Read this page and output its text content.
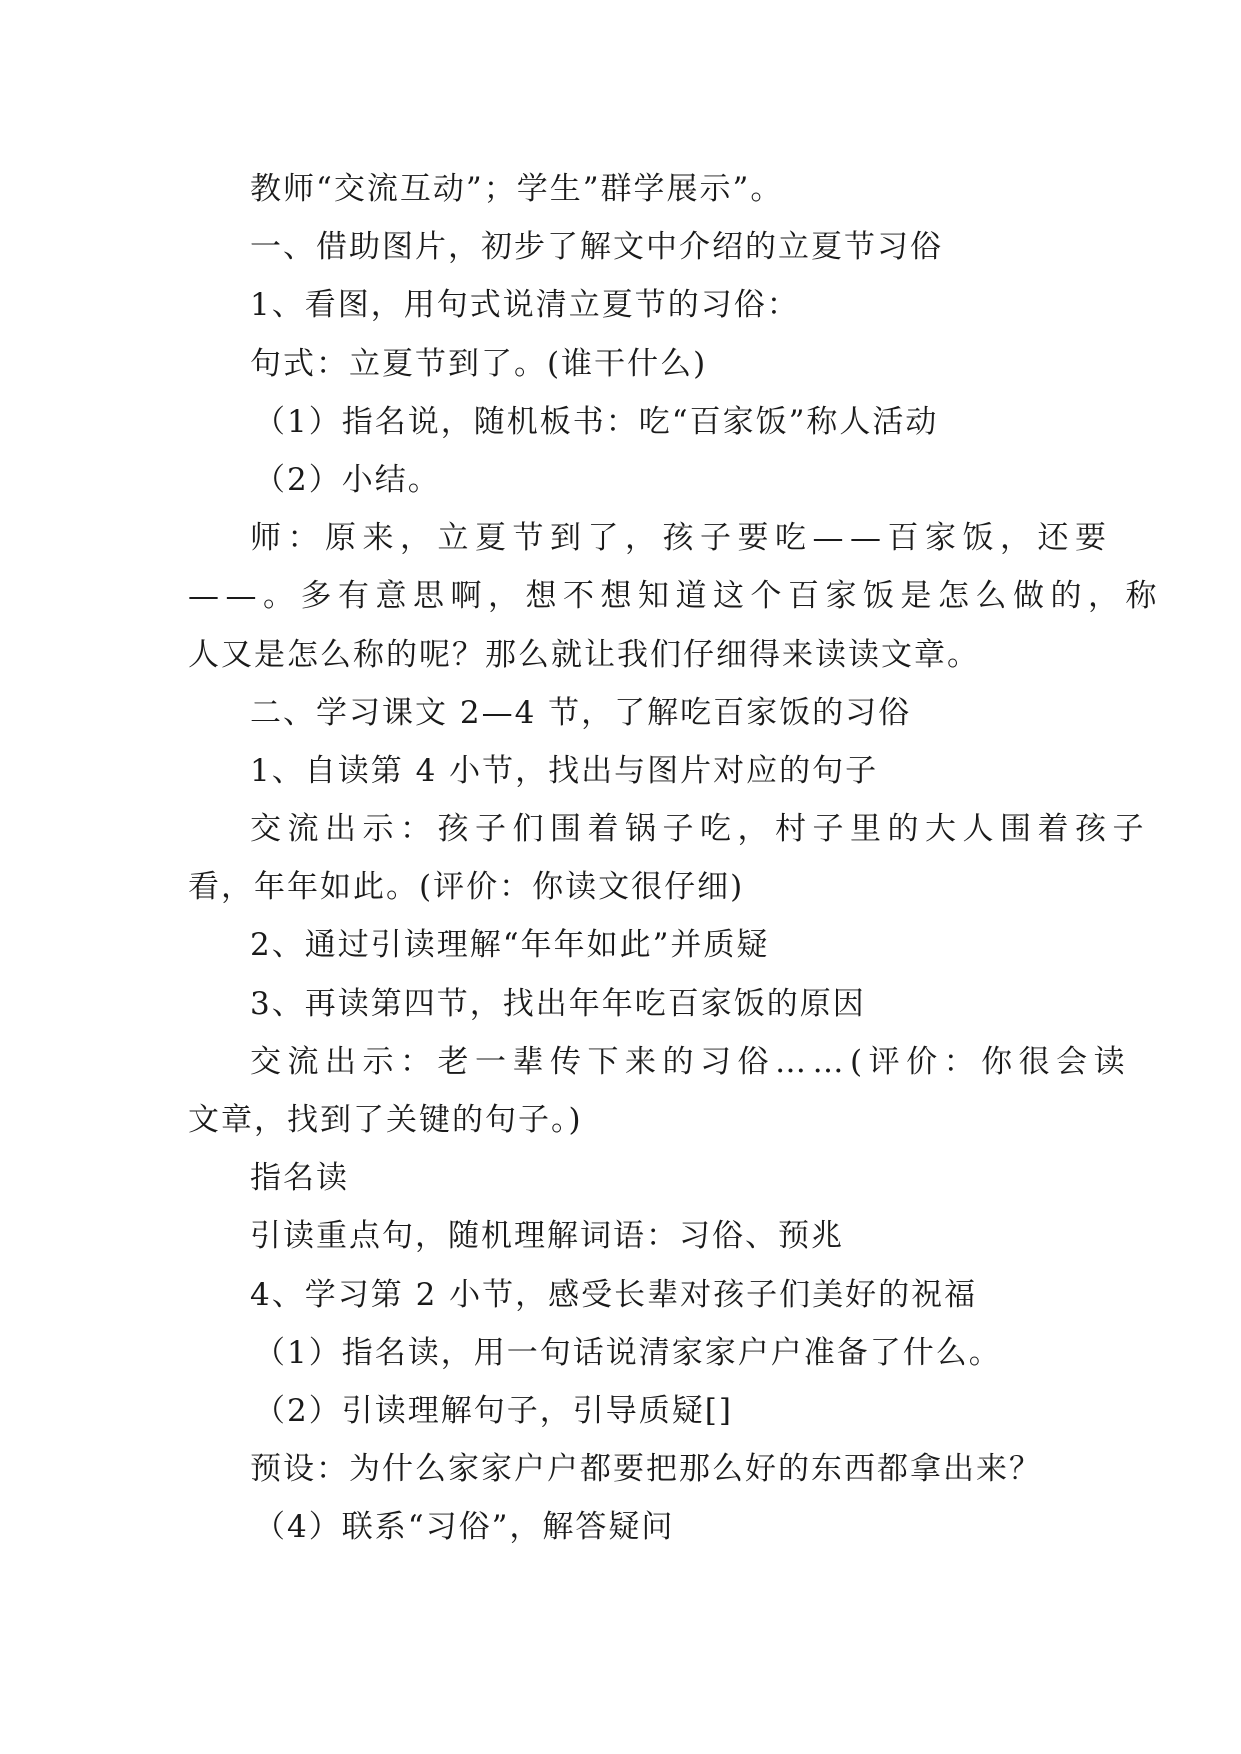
教师“交流互动”；学生”群学展示”。
一、借助图片，初步了解文中介绍的立夏节习俗
1、看图，用句式说清立夏节的习俗：
句式：立夏节到了。(谁干什么)
（1）指名说，随机板书：吃“百家饭”称人活动
（2）小结。
师：原来，立夏节到了，孩子要吃——百家饭，还要
——。多有意思啊，想不想知道这个百家饭是怎么做的，称
人又是怎么称的呢？那么就让我们仔细得来读读文章。
二、学习课文 2—4 节，了解吃百家饭的习俗
1、自读第 4 小节，找出与图片对应的句子
交流出示：孩子们围着锅子吃，村子里的大人围着孩子
看，年年如此。(评价：你读文很仔细)
2、通过引读理解“年年如此”并质疑
3、再读第四节，找出年年吃百家饭的原因
交流出示：老一辈传下来的习俗……(评价：你很会读
文章，找到了关键的句子。)
指名读
引读重点句，随机理解词语：习俗、预兆
4、学习第 2 小节，感受长辈对孩子们美好的祝福
（1）指名读，用一句话说清家家户户准备了什么。
（2）引读理解句子，引导质疑[]
预设：为什么家家户户都要把那么好的东西都拿出来？
（4）联系“习俗”，解答疑问
